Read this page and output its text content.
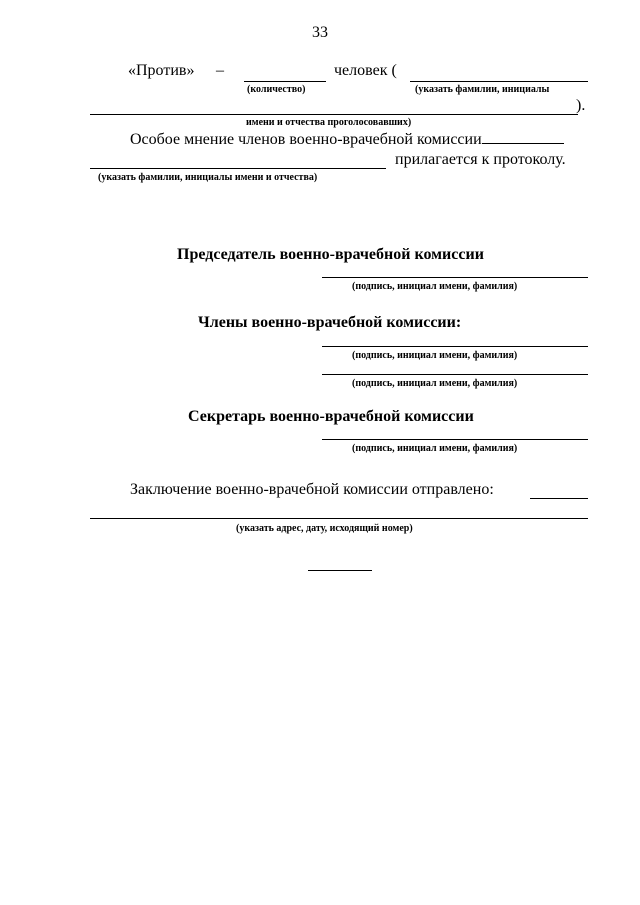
33
«Против» –	человек (
(количество)	(указать фамилии, инициалы
).
имени и отчества проголосовавших)
Особое мнение членов военно-врачебной комиссии
прилагается к протоколу.
(указать фамилии, инициалы имени и отчества)
Председатель военно-врачебной комиссии
(подпись, инициал имени, фамилия)
Члены военно-врачебной комиссии:
(подпись, инициал имени, фамилия)
(подпись, инициал имени, фамилия)
Секретарь военно-врачебной комиссии
(подпись, инициал имени, фамилия)
Заключение военно-врачебной комиссии отправлено:
(указать адрес, дату, исходящий номер)
